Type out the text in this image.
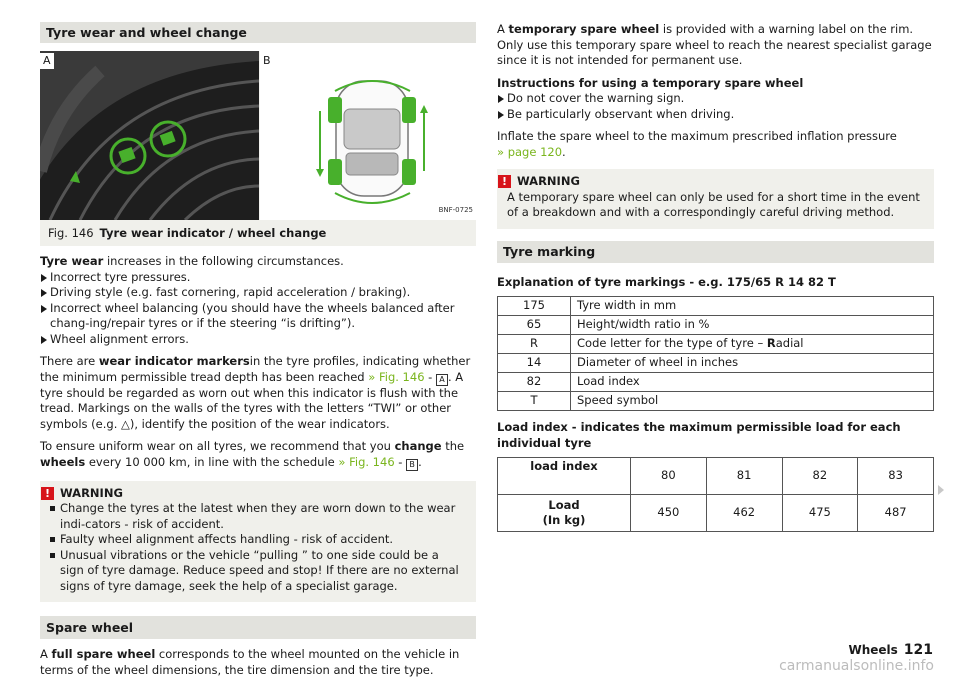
Tyre wear and wheel change
A	B
BNF-0725
Fig. 146 Tyre wear indicator / wheel change

Tyre wear increases in the following circumstances.

Incorrect tyre pressures.
Driving style (e.g. fast cornering, rapid acceleration / braking).
Incorrect wheel balancing (you should have the wheels balanced after chang-ing/repair tyres or if the steering “is drifting”).
Wheel alignment errors.

There are wear indicator markersin the tyre profiles, indicating whether the minimum permissible tread depth has been reached » Fig. 146 - A . A tyre should be regarded as worn out when this indicator is flush with the tread. Markings on the walls of the tyres with the letters “TWI” or other symbols (e.g. △), identify the position of the wear indicators.

To ensure uniform wear on all tyres, we recommend that you change the wheels every 10 000 km, in line with the schedule » Fig. 146 - B .

! WARNING
Change the tyres at the latest when they are worn down to the wear indi-cators - risk of accident.
Faulty wheel alignment affects handling - risk of accident.
Unusual vibrations or the vehicle “pulling ” to one side could be a sign of tyre damage. Reduce speed and stop! If there are no external signs of tyre damage, seek the help of a specialist garage.
Spare wheel

A full spare wheel corresponds to the wheel mounted on the vehicle in terms of the wheel dimensions, the tire dimension and the tire type.

A temporary spare wheel is provided with a warning label on the rim. Only use this temporary spare wheel to reach the nearest specialist garage since it is not intended for permanent use.

Instructions for using a temporary spare wheel

Do not cover the warning sign.
Be particularly observant when driving.

Inflate the spare wheel to the maximum prescribed inflation pressure
» page 120.

! WARNING
A temporary spare wheel can only be used for a short time in the event of a breakdown and with a correspondingly careful driving method.
Tyre marking

Explanation of tyre markings - e.g. 175/65 R 14 82 T

175	Tyre width in mm
65	Height/width ratio in %
R	Code letter for the type of tyre – Radial
14	Diameter of wheel in inches
82	Load index
T	Speed symbol

Load index - indicates the maximum permissible load for each individual tyre

load index	80	81	82	83
Load
(In kg)	450	462	475	487
Wheels 121
carmanualsonline.info
